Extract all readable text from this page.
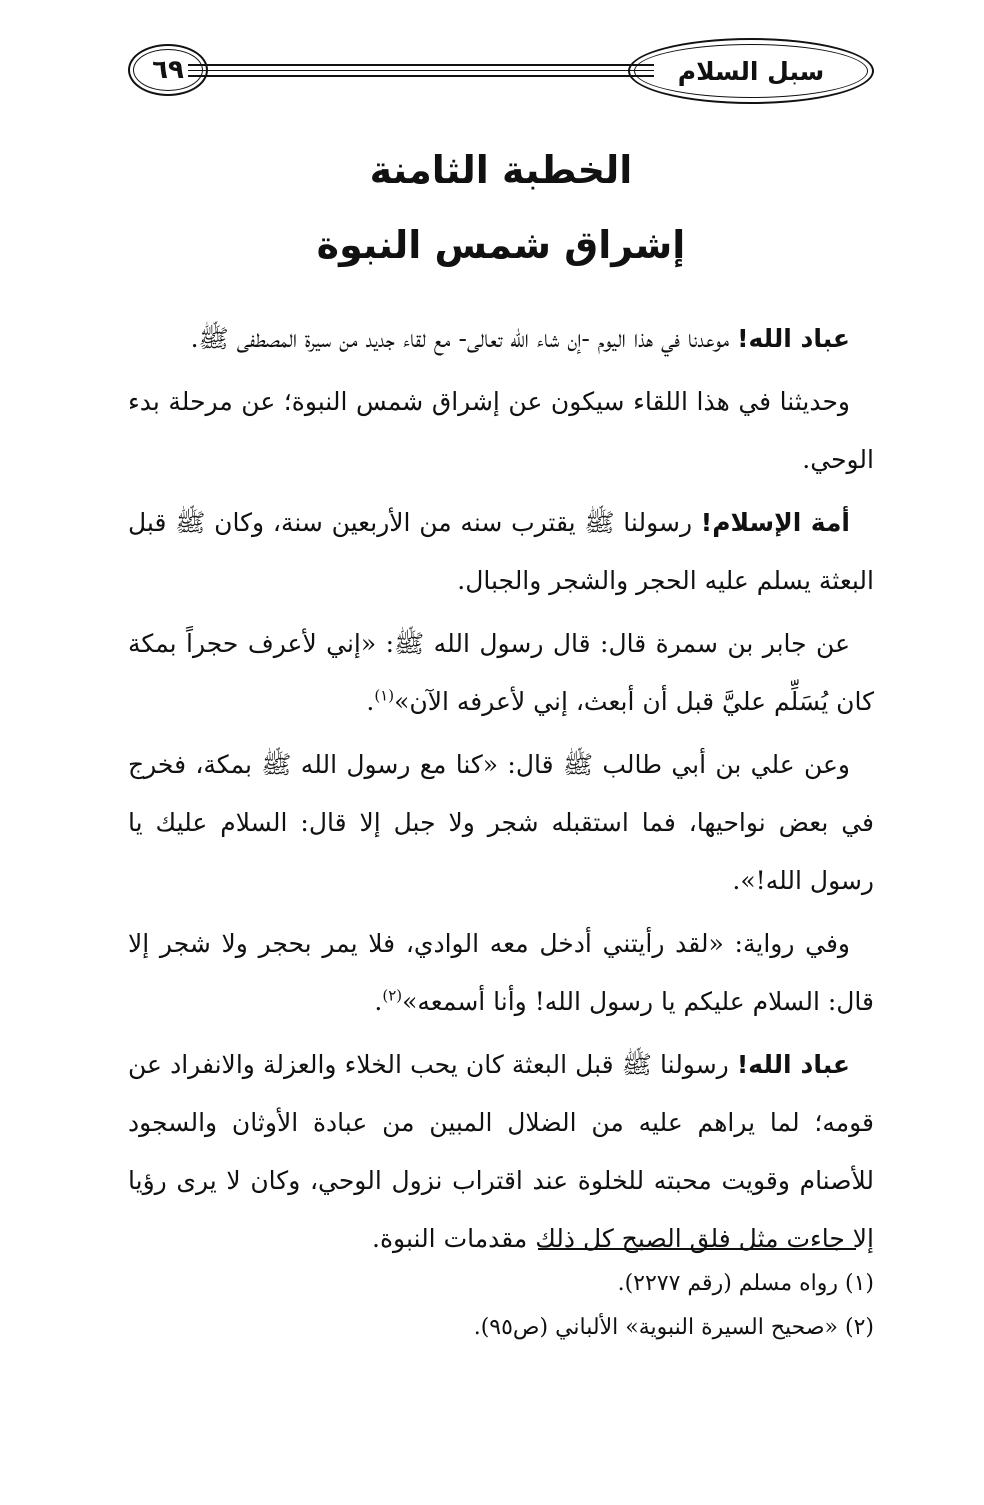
٦٩	سبل السلام
الخطبة الثامنة
إشراق شمس النبوة

عباد الله! موعدنا في هذا اليوم -إن شاء الله تعالى- مع لقاء جديد من سيرة المصطفى ﷺ.

وحديثنا في هذا اللقاء سيكون عن إشراق شمس النبوة؛ عن مرحلة بدء الوحي.

أمة الإسلام! رسولنا ﷺ يقترب سنه من الأربعين سنة، وكان ﷺ قبل البعثة يسلم عليه الحجر والشجر والجبال.

عن جابر بن سمرة قال: قال رسول الله ﷺ: «إني لأعرف حجراً بمكة كان يُسَلِّم عليَّ قبل أن أبعث، إني لأعرفه الآن»$^{(١)}$.

وعن علي بن أبي طالب ﷺ قال: «كنا مع رسول الله ﷺ بمكة، فخرج في بعض نواحيها، فما استقبله شجر ولا جبل إلا قال: السلام عليك يا رسول الله!».

وفي رواية: «لقد رأيتني أدخل معه الوادي، فلا يمر بحجر ولا شجر إلا قال: السلام عليكم يا رسول الله! وأنا أسمعه»$^{(٢)}$.

عباد الله! رسولنا ﷺ قبل البعثة كان يحب الخلاء والعزلة والانفراد عن قومه؛ لما يراهم عليه من الضلال المبين من عبادة الأوثان والسجود للأصنام وقويت محبته للخلوة عند اقتراب نزول الوحي، وكان لا يرى رؤيا إلا جاءت مثل فلق الصبح كل ذلك مقدمات النبوة.

(١) رواه مسلم (رقم ٢٢٧٧).

(٢) «صحيح السيرة النبوية» الألباني (ص٩٥).
